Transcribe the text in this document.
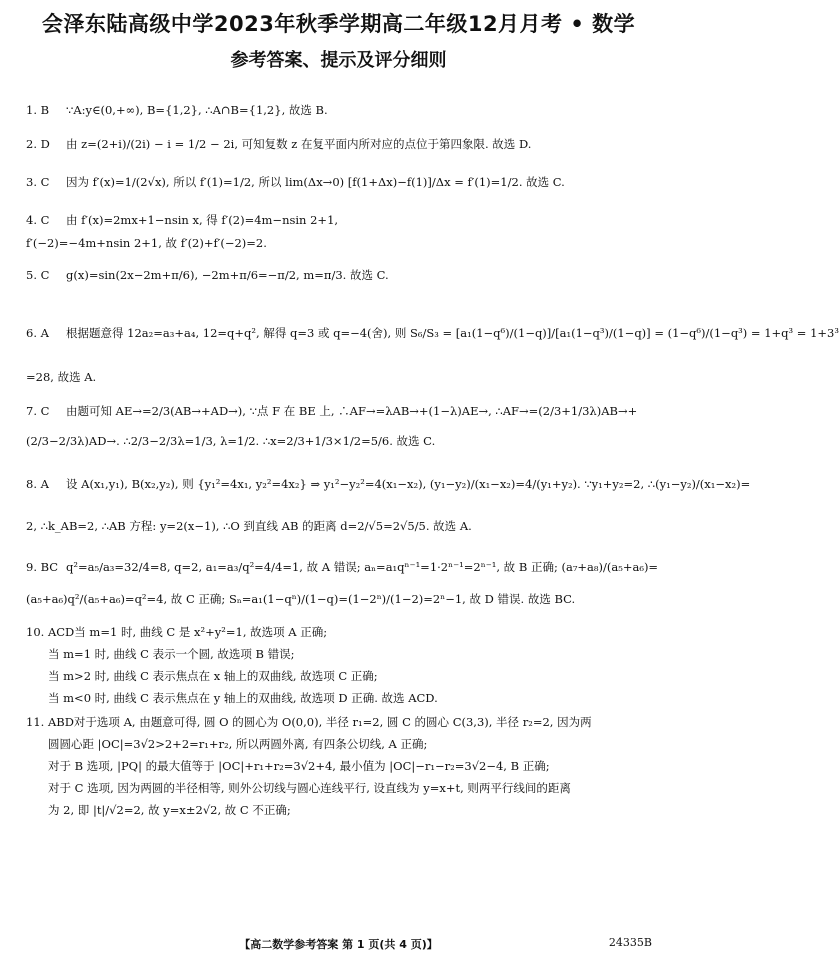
会泽东陆高级中学2023年秋季学期高二年级12月月考 • 数学
参考答案、提示及评分细则

1. B ∵A:y∈(0,+∞), B={1,2}, ∴A∩B={1,2}, 故选 B.

2. D 由 z=(2+i)/(2i) − i = 1/2 − 2i, 可知复数 z 在复平面内所对应的点位于第四象限. 故选 D.

3. C 因为 f′(x)=1/(2√x), 所以 f′(1)=1/2, 所以 lim(Δx→0) [f(1+Δx)−f(1)]/Δx = f′(1)=1/2. 故选 C.

4. C 由 f′(x)=2mx+1−nsin x, 得 f′(2)=4m−nsin 2+1,

f′(−2)=−4m+nsin 2+1, 故 f′(2)+f′(−2)=2.

5. C g(x)=sin(2x−2m+π/6), −2m+π/6=−π/2, m=π/3. 故选 C.

6. A 根据题意得 12a₂=a₃+a₄, 12=q+q², 解得 q=3 或 q=−4(舍), 则 S₆/S₃ = [a₁(1−q⁶)/(1−q)]/[a₁(1−q³)/(1−q)] = (1−q⁶)/(1−q³) = 1+q³ = 1+3³

=28, 故选 A.

7. C 由题可知 AE→=2/3(AB→+AD→), ∵点 F 在 BE 上, ∴AF→=λAB→+(1−λ)AE→, ∴AF→=(2/3+1/3λ)AB→+

(2/3−2/3λ)AD→. ∴2/3−2/3λ=1/3, λ=1/2. ∴x=2/3+1/3×1/2=5/6. 故选 C.

8. A 设 A(x₁,y₁), B(x₂,y₂), 则 {y₁²=4x₁, y₂²=4x₂} ⇒ y₁²−y₂²=4(x₁−x₂), (y₁−y₂)/(x₁−x₂)=4/(y₁+y₂). ∵y₁+y₂=2, ∴(y₁−y₂)/(x₁−x₂)=

2, ∴k_AB=2, ∴AB 方程: y=2(x−1), ∴O 到直线 AB 的距离 d=2/√5=2√5/5. 故选 A.

9. BC q²=a₅/a₃=32/4=8, q=2, a₁=a₃/q²=4/4=1, 故 A 错误; aₙ=a₁qⁿ⁻¹=1·2ⁿ⁻¹=2ⁿ⁻¹, 故 B 正确; (a₇+a₈)/(a₅+a₆)=

(a₅+a₆)q²/(a₅+a₆)=q²=4, 故 C 正确; Sₙ=a₁(1−qⁿ)/(1−q)=(1−2ⁿ)/(1−2)=2ⁿ−1, 故 D 错误. 故选 BC.

10. ACD当 m=1 时, 曲线 C 是 x²+y²=1, 故选项 A 正确;

当 m=1 时, 曲线 C 表示一个圆, 故选项 B 错误;

当 m>2 时, 曲线 C 表示焦点在 x 轴上的双曲线, 故选项 C 正确;

当 m<0 时, 曲线 C 表示焦点在 y 轴上的双曲线, 故选项 D 正确. 故选 ACD.

11. ABD对于选项 A, 由题意可得, 圆 O 的圆心为 O(0,0), 半径 r₁=2, 圆 C 的圆心 C(3,3), 半径 r₂=2, 因为两

圆圆心距 |OC|=3√2>2+2=r₁+r₂, 所以两圆外离, 有四条公切线, A 正确;

对于 B 选项, |PQ| 的最大值等于 |OC|+r₁+r₂=3√2+4, 最小值为 |OC|−r₁−r₂=3√2−4, B 正确;

对于 C 选项, 因为两圆的半径相等, 则外公切线与圆心连线平行, 设直线为 y=x+t, 则两平行线间的距离

为 2, 即 |t|/√2=2, 故 y=x±2√2, 故 C 不正确;

【高二数学参考答案 第 1 页(共 4 页)】	24335B
